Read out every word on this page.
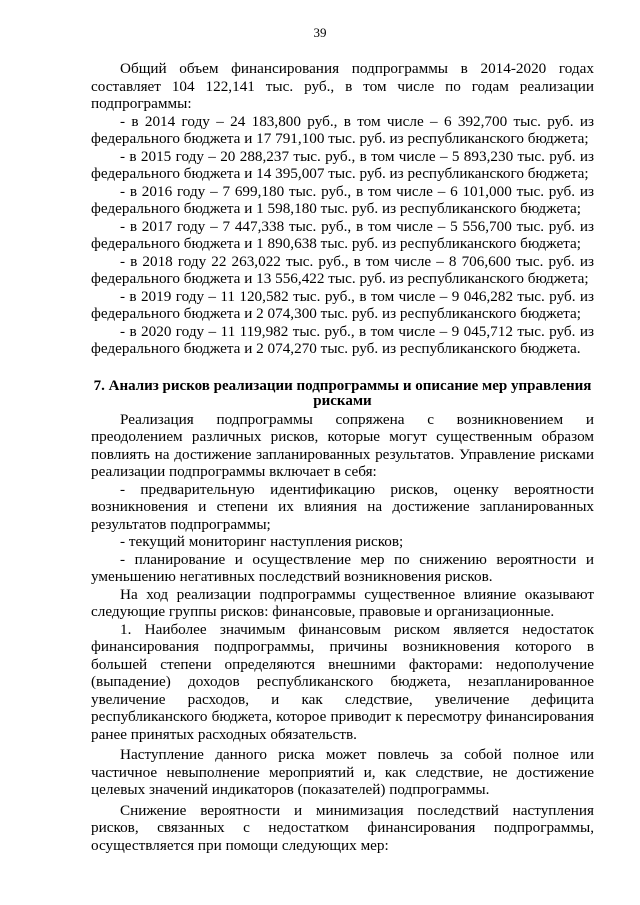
39

Общий объем финансирования подпрограммы в 2014-2020 годах составляет 104 122,141 тыс. руб., в том числе по годам реализации подпрограммы:

- в 2014 году – 24 183,800 руб., в том числе – 6 392,700 тыс. руб. из федерального бюджета и 17 791,100 тыс. руб. из республиканского бюджета;

- в 2015 году – 20 288,237 тыс. руб., в том числе – 5 893,230 тыс. руб. из федерального бюджета и 14 395,007 тыс. руб. из республиканского бюджета;

- в 2016 году – 7 699,180 тыс. руб., в том числе – 6 101,000 тыс. руб. из федерального бюджета и 1 598,180 тыс. руб. из республиканского бюджета;

- в 2017 году – 7 447,338 тыс. руб., в том числе – 5 556,700 тыс. руб. из федерального бюджета и 1 890,638 тыс. руб. из республиканского бюджета;

- в 2018 году 22 263,022 тыс. руб., в том числе – 8 706,600 тыс. руб. из федерального бюджета и 13 556,422 тыс. руб. из республиканского бюджета;

- в 2019 году – 11 120,582 тыс. руб., в том числе – 9 046,282 тыс. руб. из федерального бюджета и 2 074,300 тыс. руб. из республиканского бюджета;

- в 2020 году – 11 119,982 тыс. руб., в том числе – 9 045,712 тыс. руб. из федерального бюджета и 2 074,270 тыс. руб. из республиканского бюджета.

7. Анализ рисков реализации подпрограммы и описание мер управления рисками

Реализация подпрограммы сопряжена с возникновением и преодолением различных рисков, которые могут существенным образом повлиять на достижение запланированных результатов. Управление рисками реализации подпрограммы включает в себя:

- предварительную идентификацию рисков, оценку вероятности возникновения и степени их влияния на достижение запланированных результатов подпрограммы;

- текущий мониторинг наступления рисков;

- планирование и осуществление мер по снижению вероятности и уменьшению негативных последствий возникновения рисков.

На ход реализации подпрограммы существенное влияние оказывают следующие группы рисков: финансовые, правовые и организационные.

1. Наиболее значимым финансовым риском является недостаток финансирования подпрограммы, причины возникновения которого в большей степени определяются внешними факторами: недополучение (выпадение) доходов республиканского бюджета, незапланированное увеличение расходов, и как следствие, увеличение дефицита республиканского бюджета, которое приводит к пересмотру финансирования ранее принятых расходных обязательств.

Наступление данного риска может повлечь за собой полное или частичное невыполнение мероприятий и, как следствие, не достижение целевых значений индикаторов (показателей) подпрограммы.

Снижение вероятности и минимизация последствий наступления рисков, связанных с недостатком финансирования подпрограммы, осуществляется при помощи следующих мер:
